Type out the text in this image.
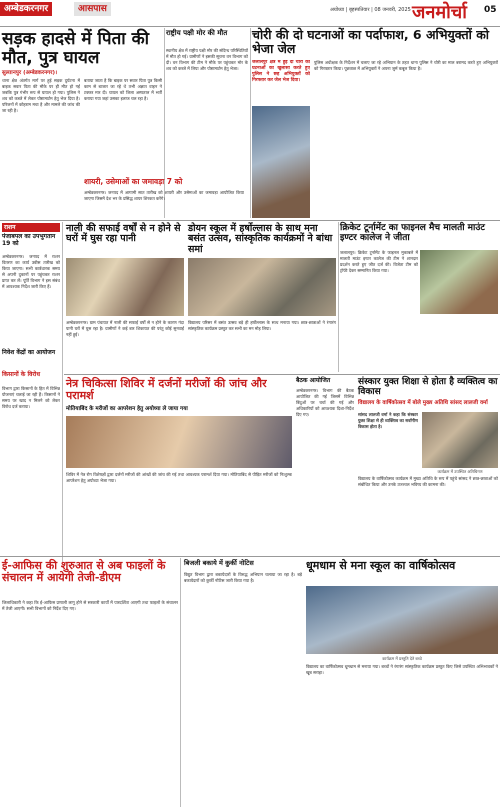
अम्बेडकरनगर	आसपास	अयोध्या | बृहस्पतिवार | 08 जनवरी, 2025 जनमोर्चा 05
सड़क हादसे में पिता की मौत, पुत्र घायल
सुल्तानपुर (अम्बेडकरनगर)।
थाना क्षेत्र अंतर्गत मार्ग पर हुई सड़क दुर्घटना में बाइक सवार पिता की मौके पर ही मौत हो गई जबकि पुत्र गंभीर रूप से घायल हो गया। पुलिस ने शव को कब्जे में लेकर पोस्टमार्टम हेतु भेज दिया है। परिजनों में कोहराम मचा है और मामले की जांच की जा रही है।
बताया जाता है कि बाइक पर सवार पिता पुत्र किसी काम से बाजार जा रहे थे तभी अज्ञात वाहन ने टक्कर मार दी। घायल को जिला अस्पताल में भर्ती कराया गया जहां उसका इलाज चल रहा है।
राष्ट्रीय पक्षी मोर की मौत
स्थानीय क्षेत्र में राष्ट्रीय पक्षी मोर की संदिग्ध परिस्थितियों में मौत हो गई। ग्रामीणों ने इसकी सूचना वन विभाग को दी। वन विभाग की टीम ने मौके पर पहुंचकर मोर के शव को कब्जे में लिया और पोस्टमार्टम हेतु भेजा।
चोरी की दो घटनाओं का पर्दाफाश, 6 अभियुक्तों को भेजा जेल
जलालपुर क्षेत्र में हुई दो चोरी की घटनाओं का खुलासा करते हुए पुलिस ने छह अभियुक्तों को गिरफ्तार कर जेल भेज दिया।
पुलिस अधीक्षक के निर्देशन में चलाए जा रहे अभियान के तहत थाना पुलिस ने चोरी का माल बरामद करते हुए अभियुक्तों को गिरफ्तार किया। पूछताछ में अभियुक्तों ने अपना जुर्म कबूल किया है।
शायरी, उसेमाओं का जमावड़ा 7 को
अम्बेडकरनगर। जनपद में आगामी सात तारीख को शायरी और उसेमाओं का जमावड़ा आयोजित किया जाएगा जिसमें देश भर के प्रसिद्ध शायर शिरकत करेंगे।
राशन
पंजाबपल का उपभुगतान 19 को
अम्बेडकरनगर। जनपद में राशन वितरण का कार्य उन्नीस तारीख को किया जाएगा। सभी कार्डधारक समय से अपनी दुकानों पर पहुंचकर राशन प्राप्त कर लें। पूर्ति विभाग ने इस संबंध में आवश्यक निर्देश जारी किए हैं।
निवेश केंद्रों का आयोजन
किसानों के विरोध
विभाग द्वारा किसानों के हित में विभिन्न योजनाएं चलाई जा रही हैं। किसानों ने समय पर खाद न मिलने को लेकर विरोध दर्ज कराया।
नाली की सफाई वर्षों से न होने से घरों में घुस रहा पानी
अम्बेडकरनगर। ग्राम पंचायत में नाली की सफाई वर्षों से न होने के कारण गंदा पानी घरों में घुस रहा है। ग्रामीणों ने कई बार शिकायत की परंतु कोई सुनवाई नहीं हुई।
डोयन स्कूल में हर्षोल्लास के साथ मना बसंत उत्सव, सांस्कृतिक कार्यक्रमों ने बांधा समां
विद्यालय परिसर में बसंत उत्सव बड़े ही हर्षोल्लास के साथ मनाया गया। छात्र-छात्राओं ने रंगारंग सांस्कृतिक कार्यक्रम प्रस्तुत कर सभी का मन मोह लिया।
क्रिकेट टूर्नामेंट का फाइनल मैच मालती माउंट इण्टर कालेज ने जीता
जलालपुर। क्रिकेट टूर्नामेंट के फाइनल मुकाबले में मालती माउंट इण्टर कालेज की टीम ने शानदार प्रदर्शन करते हुए जीत दर्ज की। विजेता टीम को ट्रॉफी देकर सम्मानित किया गया।
नेत्र चिकित्सा शिविर में दर्जनों मरीजों की जांच और परामर्श
मोतियाबिंद के मरीजों का आपरेशन हेतु अयोध्या ले जाया गया
शिविर में नेत्र रोग विशेषज्ञों द्वारा दर्जनों मरीजों की आंखों की जांच की गई तथा आवश्यक परामर्श दिया गया। मोतियाबिंद से पीड़ित मरीजों को निःशुल्क आपरेशन हेतु अयोध्या भेजा गया।
बैठक आयोजित
अम्बेडकरनगर। विभाग की बैठक आयोजित की गई जिसमें विभिन्न बिंदुओं पर चर्चा की गई और अधिकारियों को आवश्यक दिशा-निर्देश दिए गए।
संस्कार युक्त शिक्षा से होता है व्यक्तित्व का विकास
विद्यालय के वार्षिकोत्सव में बोले मुख्य अतिथि सांसद लालजी वर्मा
सांसद लालजी वर्मा ने कहा कि संस्कार युक्त शिक्षा से ही व्यक्तित्व का सर्वांगीण विकास होता है।
कार्यक्रम में उपस्थित अतिथिगण
विद्यालय के वार्षिकोत्सव कार्यक्रम में मुख्य अतिथि के रूप में पहुंचे सांसद ने छात्र-छात्राओं को संबोधित किया और उनके उज्ज्वल भविष्य की कामना की।
ई-आफिस की शुरुआत से अब फाइलों के संचालन में आयेगी तेजी-डीएम
जिलाधिकारी ने कहा कि ई-आफिस प्रणाली लागू होने से सरकारी कार्यों में पारदर्शिता आएगी तथा फाइलों के संचालन में तेजी आएगी। सभी विभागों को निर्देश दिए गए।
बिजली बकाये में कुर्की नोटिस
विद्युत विभाग द्वारा बकायेदारों के विरुद्ध अभियान चलाया जा रहा है। बड़े बकायेदारों को कुर्की नोटिस जारी किया गया है।
धूमधाम से मना स्कूल का वार्षिकोत्सव
कार्यक्रम में प्रस्तुति देते बच्चे
विद्यालय का वार्षिकोत्सव धूमधाम से मनाया गया। बच्चों ने रंगारंग सांस्कृतिक कार्यक्रम प्रस्तुत किए जिसे उपस्थित अभिभावकों ने खूब सराहा।
